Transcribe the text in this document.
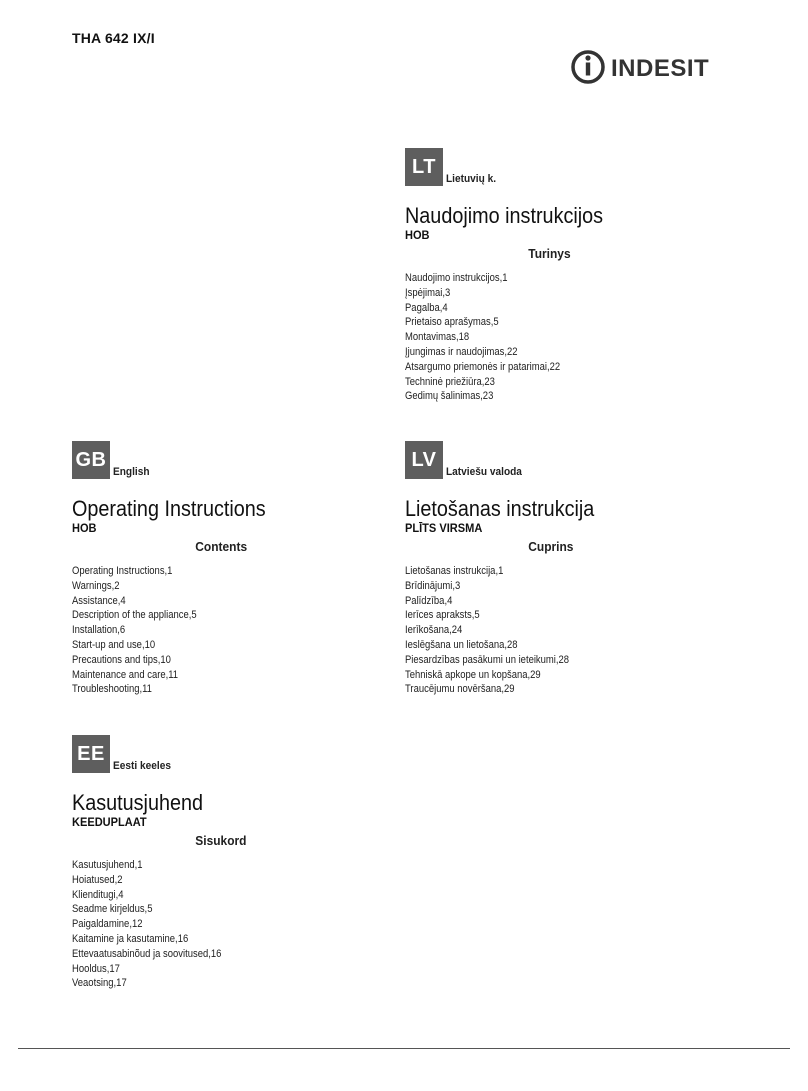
THA 642 IX/I
INDESIT
LT
Lietuvių k.
Naudojimo instrukcijos
HOB
Turinys
Naudojimo instrukcijos,1
Įspėjimai,3
Pagalba,4
Prietaiso aprašymas,5
Montavimas,18
Įjungimas ir naudojimas,22
Atsargumo priemonės ir patarimai,22
Techninė priežiūra,23
Gedimų šalinimas,23
GB
English
Operating Instructions
HOB
Contents
Operating Instructions,1
Warnings,2
Assistance,4
Description of the appliance,5
Installation,6
Start-up and use,10
Precautions and tips,10
Maintenance and care,11
Troubleshooting,11
LV
Latviešu valoda
Lietošanas instrukcija
PLĪTS VIRSMA
Cuprins
Lietošanas instrukcija,1
Brīdinājumi,3
Palīdzība,4
Ierīces apraksts,5
Ierīkošana,24
Ieslēgšana un lietošana,28
Piesardzības pasākumi un ieteikumi,28
Tehniskā apkope un kopšana,29
Traucējumu novēršana,29
EE
Eesti keeles
Kasutusjuhend
KEEDUPLAAT
Sisukord
Kasutusjuhend,1
Hoiatused,2
Klienditugi,4
Seadme kirjeldus,5
Paigaldamine,12
Kaitamine ja kasutamine,16
Ettevaatusabinõud ja soovitused,16
Hooldus,17
Veaotsing,17
